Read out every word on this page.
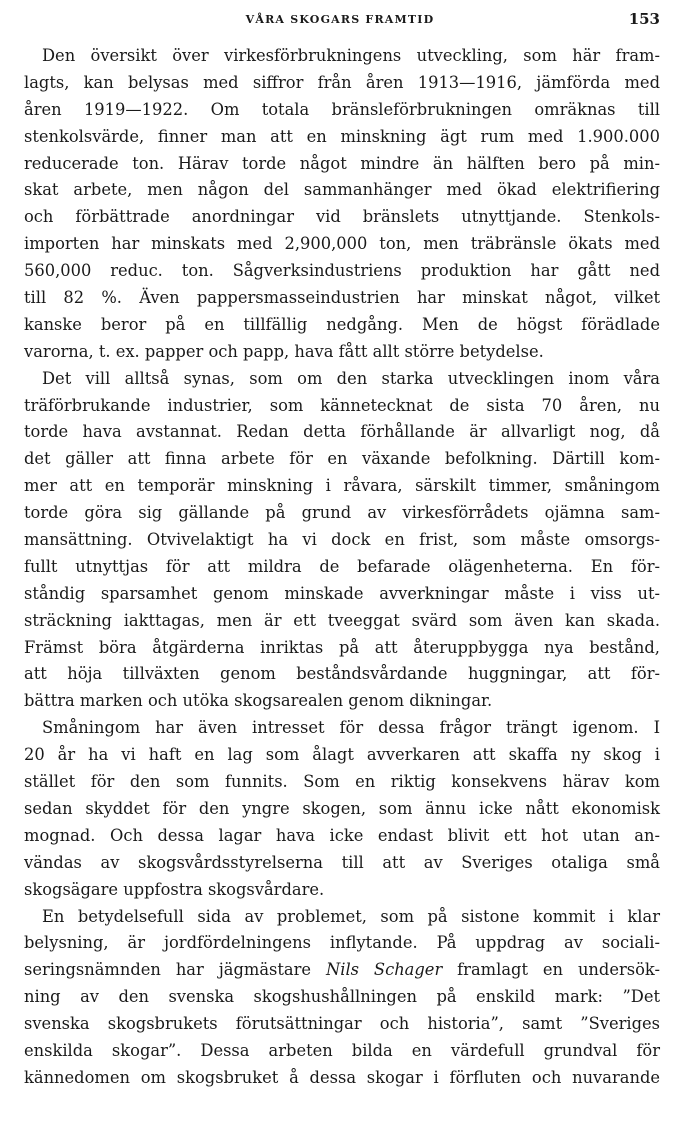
VÅRA SKOGARS FRAMTID	153
Den översikt över virkesförbrukningens utveckling, som här fram-
lagts, kan belysas med siffror från åren 1913—1916, jämförda med
åren 1919—1922. Om totala bränsleförbrukningen omräknas till
stenkolsvärde, finner man att en minskning ägt rum med 1.900.000
reducerade ton. Härav torde något mindre än hälften bero på min-
skat arbete, men någon del sammanhänger med ökad elektrifiering
och förbättrade anordningar vid bränslets utnyttjande. Stenkols-
importen har minskats med 2,900,000 ton, men träbränsle ökats med
560,000 reduc. ton. Sågverksindustriens produktion har gått ned
till 82 %. Även pappersmasseindustrien har minskat något, vilket
kanske beror på en tillfällig nedgång. Men de högst förädlade
varorna, t. ex. papper och papp, hava fått allt större betydelse.
Det vill alltså synas, som om den starka utvecklingen inom våra
träförbrukande industrier, som kännetecknat de sista 70 åren, nu
torde hava avstannat. Redan detta förhållande är allvarligt nog, då
det gäller att finna arbete för en växande befolkning. Därtill kom-
mer att en temporär minskning i råvara, särskilt timmer, småningom
torde göra sig gällande på grund av virkesförrådets ojämna sam-
mansättning. Otvivelaktigt ha vi dock en frist, som måste omsorgs-
fullt utnyttjas för att mildra de befarade olägenheterna. En för-
ståndig sparsamhet genom minskade avverkningar måste i viss ut-
sträckning iakttagas, men är ett tveeggat svärd som även kan skada.
Främst böra åtgärderna inriktas på att återuppbygga nya bestånd,
att höja tillväxten genom beståndsvårdande huggningar, att för-
bättra marken och utöka skogsarealen genom dikningar.
Småningom har även intresset för dessa frågor trängt igenom. I
20 år ha vi haft en lag som ålagt avverkaren att skaffa ny skog i
stället för den som funnits. Som en riktig konsekvens härav kom
sedan skyddet för den yngre skogen, som ännu icke nått ekonomisk
mognad. Och dessa lagar hava icke endast blivit ett hot utan an-
vändas av skogsvårdsstyrelserna till att av Sveriges otaliga små
skogsägare uppfostra skogsvårdare.
En betydelsefull sida av problemet, som på sistone kommit i klar
belysning, är jordfördelningens inflytande. På uppdrag av sociali-
seringsnämnden har jägmästare Nils Schager framlagt en undersök-
ning av den svenska skogshushållningen på enskild mark: ”Det
svenska skogsbrukets förutsättningar och historia”, samt ”Sveriges
enskilda skogar”. Dessa arbeten bilda en värdefull grundval för
kännedomen om skogsbruket å dessa skogar i förfluten och nuvarande
